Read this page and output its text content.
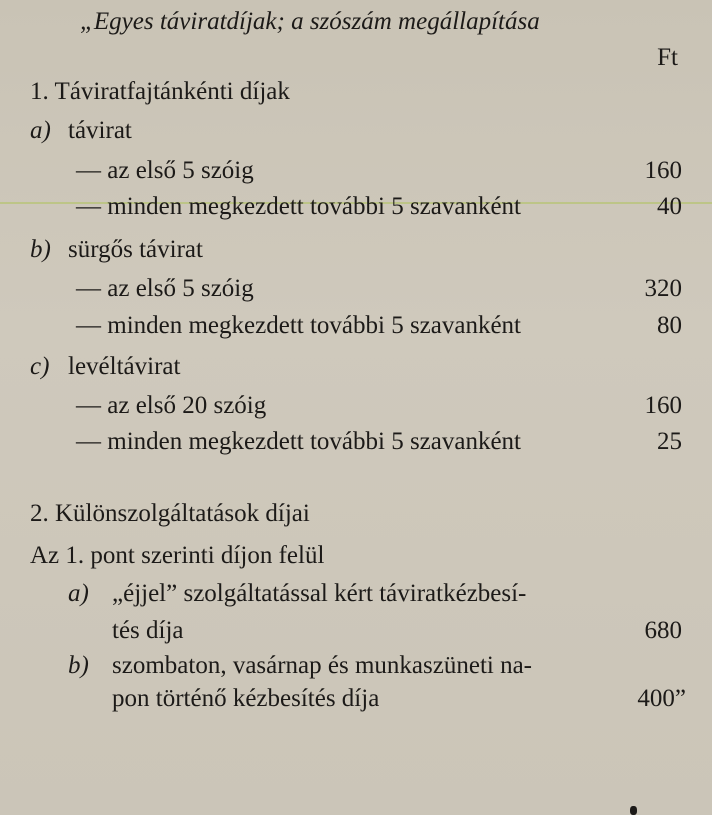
„Egyes táviratdíjak; a szószám megállapítása
Ft
1. Táviratfajtánkénti díjak
a) távirat
— az első 5 szóig	160
— minden megkezdett további 5 szavanként	40
b) sürgős távirat
— az első 5 szóig	320
— minden megkezdett további 5 szavanként	80
c) levéltávirat
— az első 20 szóig	160
— minden megkezdett további 5 szavanként	25
2. Különszolgáltatások díjai
Az 1. pont szerinti díjon felül
a) „éjjel” szolgáltatással kért táviratkézbesí-
tés díja	680
b) szombaton, vasárnap és munkaszüneti na-
pon történő kézbesítés díja	400”
